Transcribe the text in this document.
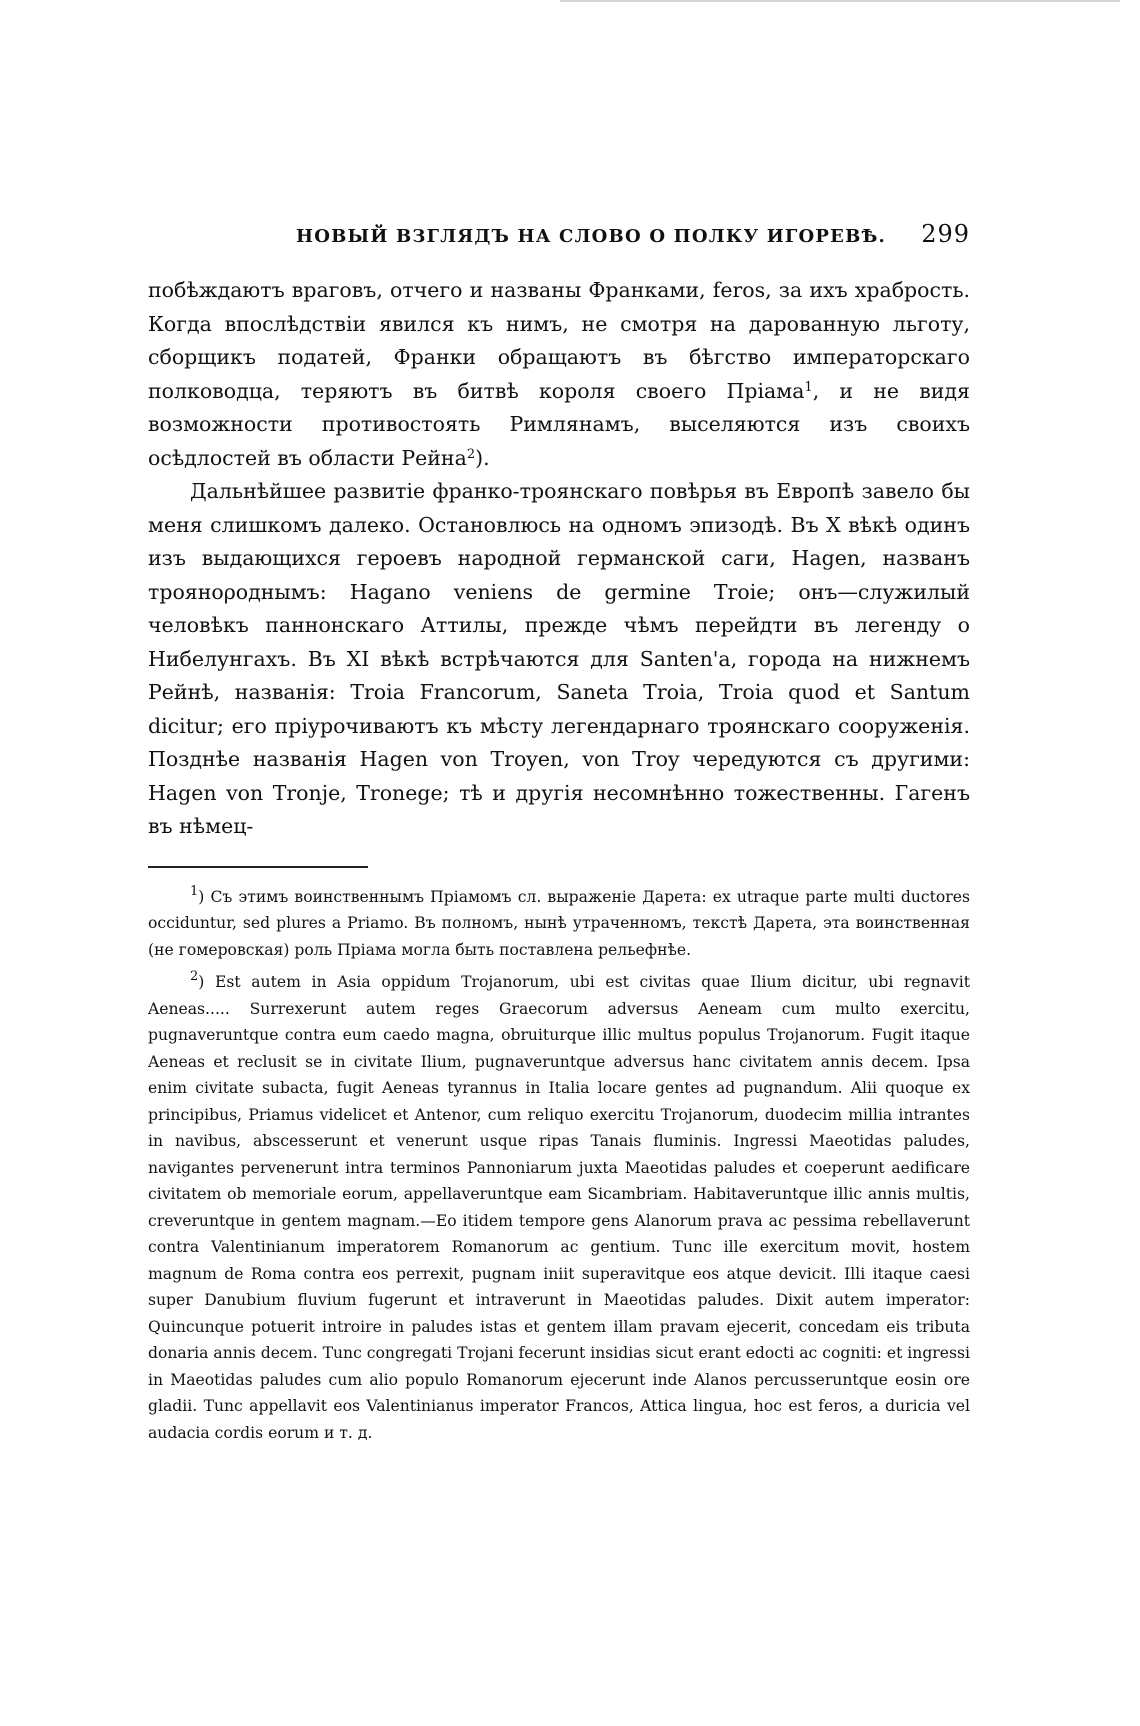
НОВЫЙ ВЗГЛЯДЪ НА СЛОВО О ПОЛКУ ИГОРЕВѢ. 299

побѣждаютъ враговъ, отчего и названы Франками, feros, за ихъ храбрость. Когда впослѣдствіи явился къ нимъ, не смотря на дарованную льготу, сборщикъ податей, Франки обращаютъ въ бѣгство императорскаго полководца, теряютъ въ битвѣ короля своего Пріама$^1$, и не видя возможности противостоять Римлянамъ, выселяются изъ своихъ осѣдлостей въ области Рейна$^2$).

Дальнѣйшее развитіе франко-троянскаго повѣрья въ Европѣ завело бы меня слишкомъ далеко. Остановлюсь на одномъ эпизодѣ. Въ X вѣкѣ одинъ изъ выдающихся героевъ народной германской саги, Hagen, названъ трояноροднымъ: Hagano veniens de germine Troie; онъ—служилый человѣкъ паннонскаго Аттилы, прежде чѣмъ перейдти въ легенду о Нибелунгахъ. Въ XI вѣкѣ встрѣчаются для Santen'a, города на нижнемъ Рейнѣ, названія: Troia Francorum, Saneta Troia, Troia quod et Santum dicitur; его пріурочиваютъ къ мѣсту легендарнаго троянскаго сооруженія. Позднѣе названія Hagen von Troyen, von Troy чередуются съ другими: Hagen von Tronje, Tronege; тѣ и другія несомнѣнно тожественны. Гагенъ въ нѣмец-

$^1$) Съ этимъ воинственнымъ Пріамомъ сл. выраженіе Дарета: ex utraque parte multi ductores occiduntur, sed plures a Priamo. Въ полномъ, нынѣ утраченномъ, текстѣ Дарета, эта воинственная (не гомеровская) роль Пріама могла быть поставлена рельефнѣе.

$^2$) Est autem in Asia oppidum Trojanorum, ubi est civitas quae Ilium dicitur, ubi regnavit Aeneas..... Surrexerunt autem reges Graecorum adversus Aeneam cum multo exercitu, pugnaveruntque contra eum caedo magna, obruiturque illic multus populus Trojanorum. Fugit itaque Aeneas et reclusit se in civitate Ilium, pugnaveruntque adversus hanc civitatem annis decem. Ipsa enim civitate subacta, fugit Aeneas tyrannus in Italia locare gentes ad pugnandum. Alii quoque ex principibus, Priamus videlicet et Antenor, cum reliquo exercitu Trojanorum, duodecim millia intrantes in navibus, abscesserunt et venerunt usque ripas Tanais fluminis. Ingressi Maeotidas paludes, navigantes pervenerunt intra terminos Pannoniarum juxta Maeotidas paludes et coeperunt aedificare civitatem ob memoriale eorum, appellaveruntque eam Sicambriam. Habitaveruntque illic annis multis, creveruntque in gentem magnam.—Eo itidem tempore gens Alanorum prava ac pessima rebellaverunt contra Valentinianum imperatorem Romanorum ac gentium. Tunc ille exercitum movit, hostem magnum de Roma contra eos perrexit, pugnam iniit superavitque eos atque devicit. Illi itaque caesi super Danubium fluvium fugerunt et intraverunt in Maeotidas paludes. Dixit autem imperator: Quincunque potuerit introire in paludes istas et gentem illam pravam ejecerit, concedam eis tributa donaria annis decem. Tunc congregati Trojani fecerunt insidias sicut erant edocti ac cogniti: et ingressi in Maeotidas paludes cum alio populo Romanorum ejecerunt inde Alanos percusseruntque eosin ore gladii. Tunc appellavit eos Valentinianus imperator Francos, Attica lingua, hoc est feros, a duricia vel audacia cordis eorum и т. д.
